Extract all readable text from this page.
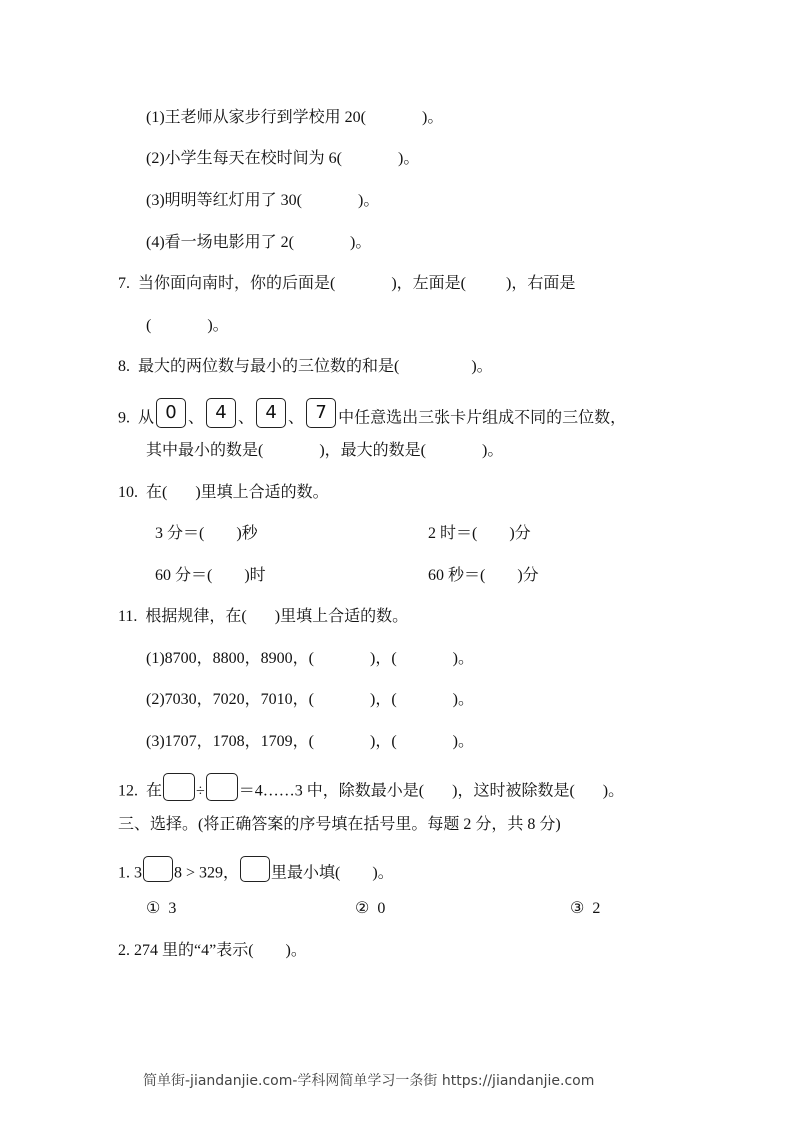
(1)王老师从家步行到学校用 20(              )。
(2)小学生每天在校时间为 6(              )。
(3)明明等红灯用了 30(              )。
(4)看一场电影用了 2(              )。
7.  当你面向南时，你的后面是(              )，左面是(          )，右面是
(              )。
8.  最大的两位数与最小的三位数的和是(                  )。
9.  从 0 、 4 、 4 、 7 中任意选出三张卡片组成不同的三位数，
其中最小的数是(              )，最大的数是(              )。
10.  在(       )里填上合适的数。
3 分＝(        )秒	2 时＝(        )分
60 分＝(        )时	60 秒＝(        )分
11.  根据规律，在(       )里填上合适的数。
(1)8700，8800，8900，(              )，(              )。
(2)7030，7020，7010，(              )，(              )。
(3)1707，1708，1709，(              )，(              )。
12.  在 ÷ ＝4……3 中，除数最小是(       )，这时被除数是(       )。
三、选择。(将正确答案的序号填在括号里。每题 2 分，共 8 分)
1. 3 8 > 329， 里最小填(        )。
①  3	②  0	③  2
2. 274 里的“4”表示(        )。
简单街-jiandanjie.com-学科网简单学习一条街 https://jiandanjie.com
